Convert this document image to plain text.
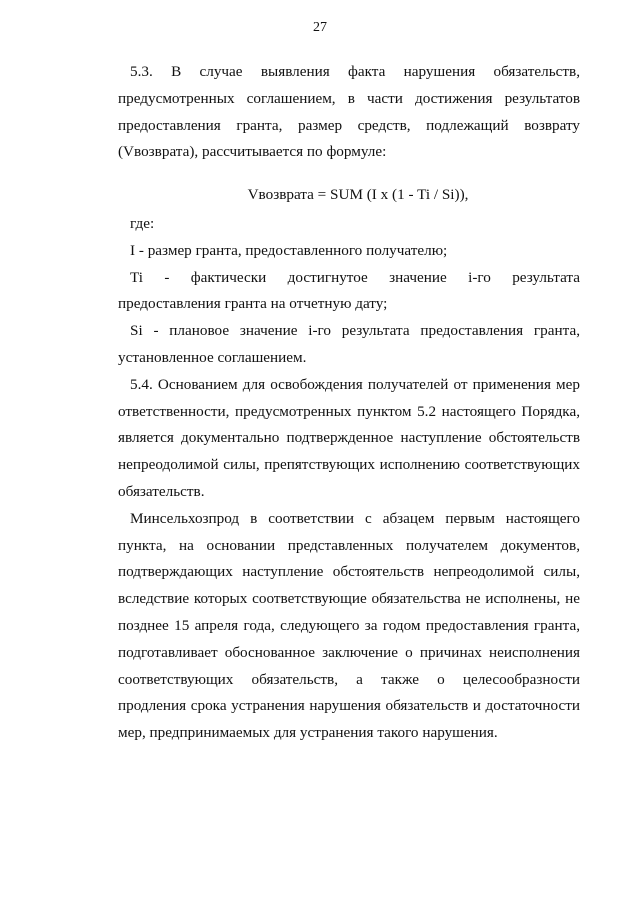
27

5.3. В случае выявления факта нарушения обязательств, предусмотренных соглашением, в части достижения результатов предоставления гранта, размер средств, подлежащий возврату (Vвозврата), рассчитывается по формуле:

Vвозврата = SUM (I x (1 - Ti / Si)),

где:

I - размер гранта, предоставленного получателю;

Ti - фактически достигнутое значение i-го результата предоставления гранта на отчетную дату;

Si - плановое значение i-го результата предоставления гранта, установленное соглашением.

5.4. Основанием для освобождения получателей от применения мер ответственности, предусмотренных пунктом 5.2 настоящего Порядка, является документально подтвержденное наступление обстоятельств непреодолимой силы, препятствующих исполнению соответствующих обязательств.

Минсельхозпрод в соответствии с абзацем первым настоящего пункта, на основании представленных получателем документов, подтверждающих наступление обстоятельств непреодолимой силы, вследствие которых соответствующие обязательства не исполнены, не позднее 15 апреля года, следующего за годом предоставления гранта, подготавливает обоснованное заключение о причинах неисполнения соответствующих обязательств, а также о целесообразности продления срока устранения нарушения обязательств и достаточности мер, предпринимаемых для устранения такого нарушения.
